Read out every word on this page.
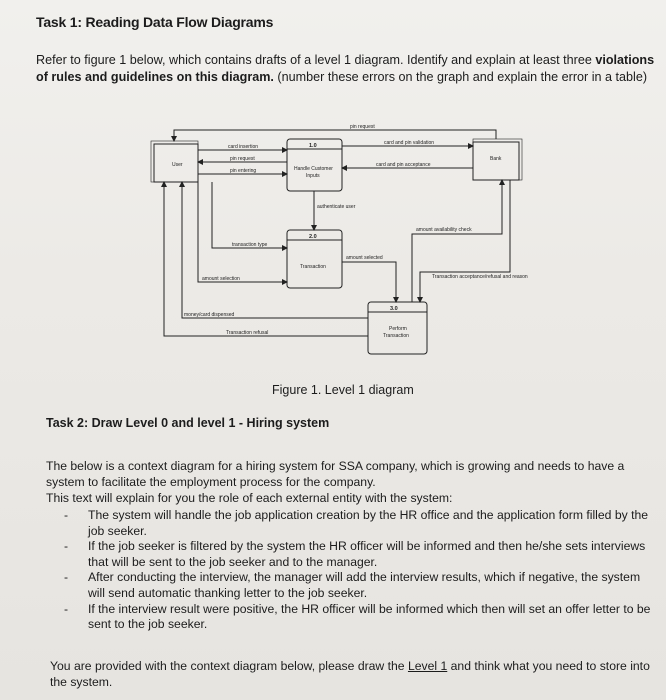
Task 1: Reading Data Flow Diagrams
Refer to figure 1 below, which contains drafts of a level 1 diagram. Identify and explain at least three violations of rules and guidelines on this diagram. (number these errors on the graph and explain the error in a table)
User
Bank
1.0
Handle Customer
Inputs
2.0
Transaction
3.0
Perform
Transaction
pin request
card insertion
pin request
pin entering
card and pin validation
card and pin acceptance
authenticate user
transaction type
amount selected
amount availability check
Transaction acceptance/refusal and reason
amount selection
money/card dispensed
Transaction refusal
Figure 1. Level 1 diagram
Task 2: Draw Level 0 and level 1 - Hiring system
The below is a context diagram for a hiring system for SSA company, which is growing and needs to have a system to facilitate the employment process for the company.
This text will explain for you the role of each external entity with the system:
- The system will handle the job application creation by the HR office and the application form filled by the job seeker.
- If the job seeker is filtered by the system the HR officer will be informed and then he/she sets interviews that will be sent to the job seeker and to the manager.
- After conducting the interview, the manager will add the interview results, which if negative, the system will send automatic thanking letter to the job seeker.
- If the interview result were positive, the HR officer will be informed which then will set an offer letter to be sent to the job seeker.
You are provided with the context diagram below, please draw the Level 1 and think what you need to store into the system.
